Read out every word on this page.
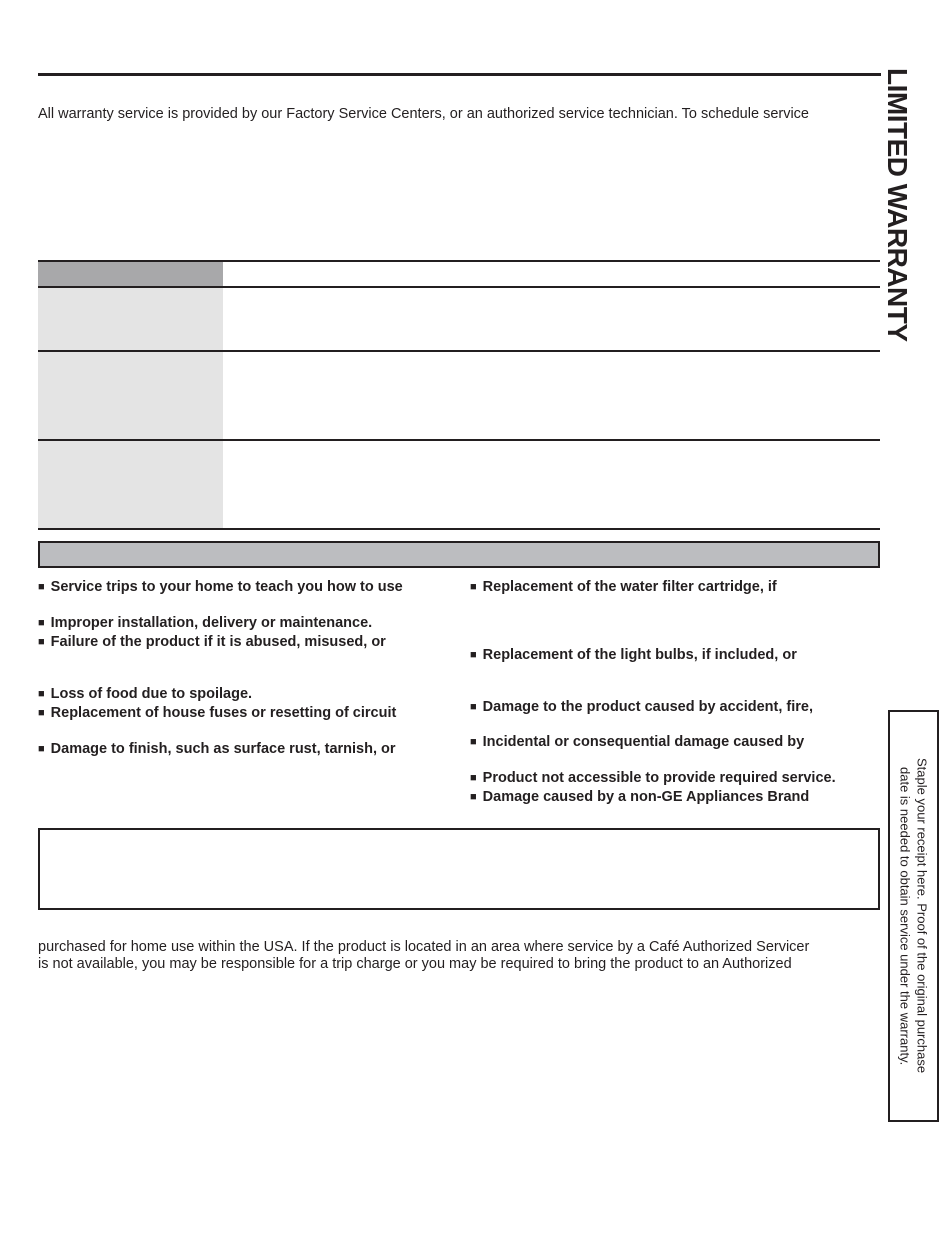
All warranty service is provided by our Factory Service Centers, or an authorized service technician. To schedule service
■ Service trips to your home to teach you how to use
■ Improper installation, delivery or maintenance.
■ Failure of the product if it is abused, misused, or
■ Loss of food due to spoilage.
■ Replacement of house fuses or resetting of circuit
■ Damage to finish, such as surface rust, tarnish, or
■ Replacement of the water filter cartridge, if
■ Replacement of the light bulbs, if included, or
■ Damage to the product caused by accident, fire,
■ Incidental or consequential damage caused by
■ Product not accessible to provide required service.
■ Damage caused by a non-GE Appliances Brand
purchased for home use within the USA. If the product is located in an area where service by a Café Authorized Servicer
is not available, you may be responsible for a trip charge or you may be required to bring the product to an Authorized
LIMITED WARRANTY
Staple your receipt here. Proof of the original purchase
date is needed to obtain service under the warranty.
